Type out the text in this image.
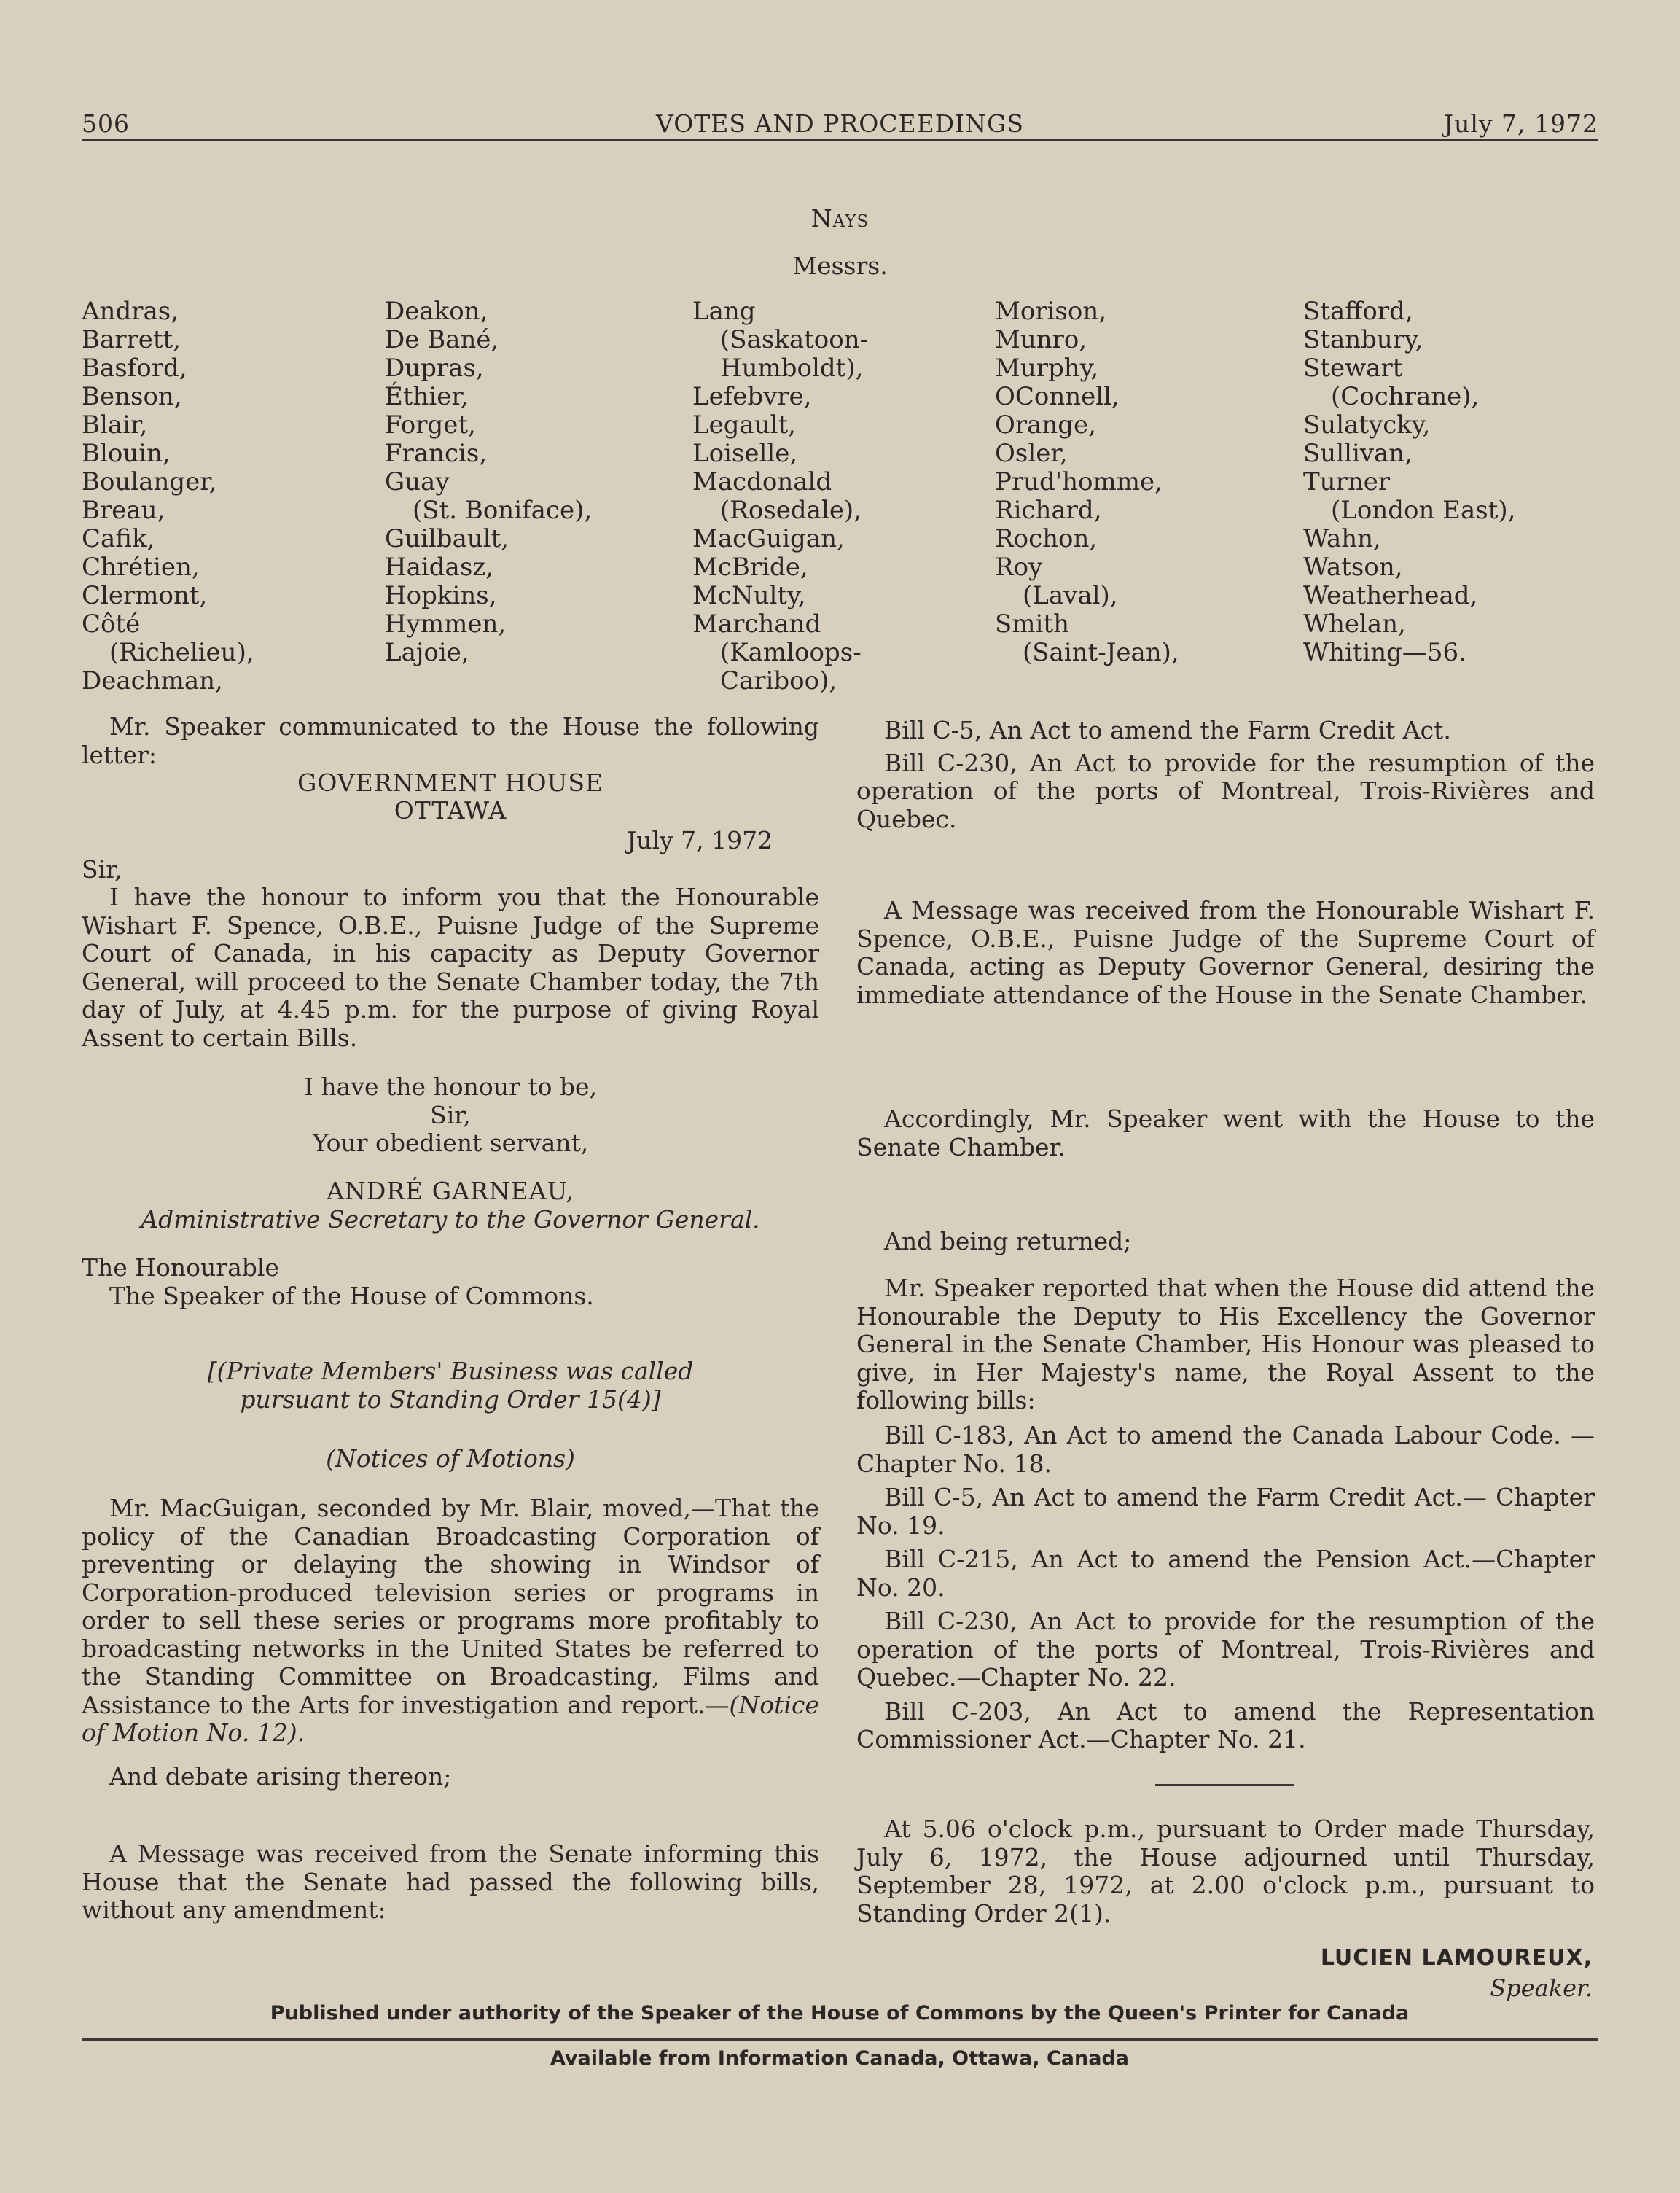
506	VOTES AND PROCEEDINGS	July 7, 1972
Nays
Messrs.
Andras,
Barrett,
Basford,
Benson,
Blair,
Blouin,
Boulanger,
Breau,
Cafik,
Chrétien,
Clermont,
Côté
(Richelieu),
Deachman,
Deakon,
De Bané,
Dupras,
Éthier,
Forget,
Francis,
Guay
(St. Boniface),
Guilbault,
Haidasz,
Hopkins,
Hymmen,
Lajoie,
Lang
(Saskatoon-
Humboldt),
Lefebvre,
Legault,
Loiselle,
Macdonald
(Rosedale),
MacGuigan,
McBride,
McNulty,
Marchand
(Kamloops-
Cariboo),
Morison,
Munro,
Murphy,
OConnell,
Orange,
Osler,
Prud'homme,
Richard,
Rochon,
Roy
(Laval),
Smith
(Saint-Jean),
Stafford,
Stanbury,
Stewart
(Cochrane),
Sulatycky,
Sullivan,
Turner
(London East),
Wahn,
Watson,
Weatherhead,
Whelan,
Whiting—56.

Mr. Speaker communicated to the House the following letter:

GOVERNMENT HOUSE
OTTAWA
July 7, 1972
Sir,

I have the honour to inform you that the Honourable Wishart F. Spence, O.B.E., Puisne Judge of the Supreme Court of Canada, in his capacity as Deputy Governor General, will proceed to the Senate Chamber today, the 7th day of July, at 4.45 p.m. for the purpose of giving Royal Assent to certain Bills.

I have the honour to be,
Sir,
Your obedient servant,
ANDRÉ GARNEAU,
Administrative Secretary to the Governor General.
The Honourable
The Speaker of the House of Commons.
[(Private Members' Business was called
pursuant to Standing Order 15(4)]
(Notices of Motions)

Mr. MacGuigan, seconded by Mr. Blair, moved,—That the policy of the Canadian Broadcasting Corporation of preventing or delaying the showing in Windsor of Corporation-produced television series or programs in order to sell these series or programs more profitably to broadcasting networks in the United States be referred to the Standing Committee on Broadcasting, Films and Assistance to the Arts for investigation and report.—(Notice of Motion No. 12).

And debate arising thereon;

A Message was received from the Senate informing this House that the Senate had passed the following bills, without any amendment:

Bill C-5, An Act to amend the Farm Credit Act.

Bill C-230, An Act to provide for the resumption of the operation of the ports of Montreal, Trois-Rivières and Quebec.

A Message was received from the Honourable Wishart F. Spence, O.B.E., Puisne Judge of the Supreme Court of Canada, acting as Deputy Governor General, desiring the immediate attendance of the House in the Senate Chamber.

Accordingly, Mr. Speaker went with the House to the Senate Chamber.

And being returned;

Mr. Speaker reported that when the House did attend the Honourable the Deputy to His Excellency the Governor General in the Senate Chamber, His Honour was pleased to give, in Her Majesty's name, the Royal Assent to the following bills:

Bill C-183, An Act to amend the Canada Labour Code. —Chapter No. 18.

Bill C-5, An Act to amend the Farm Credit Act.— Chapter No. 19.

Bill C-215, An Act to amend the Pension Act.—Chapter No. 20.

Bill C-230, An Act to provide for the resumption of the operation of the ports of Montreal, Trois-Rivières and Quebec.—Chapter No. 22.

Bill C-203, An Act to amend the Representation Commissioner Act.—Chapter No. 21.

At 5.06 o'clock p.m., pursuant to Order made Thursday, July 6, 1972, the House adjourned until Thursday, September 28, 1972, at 2.00 o'clock p.m., pursuant to Standing Order 2(1).

LUCIEN LAMOUREUX,
Speaker.
Published under authority of the Speaker of the House of Commons by the Queen's Printer for Canada
Available from Information Canada, Ottawa, Canada
